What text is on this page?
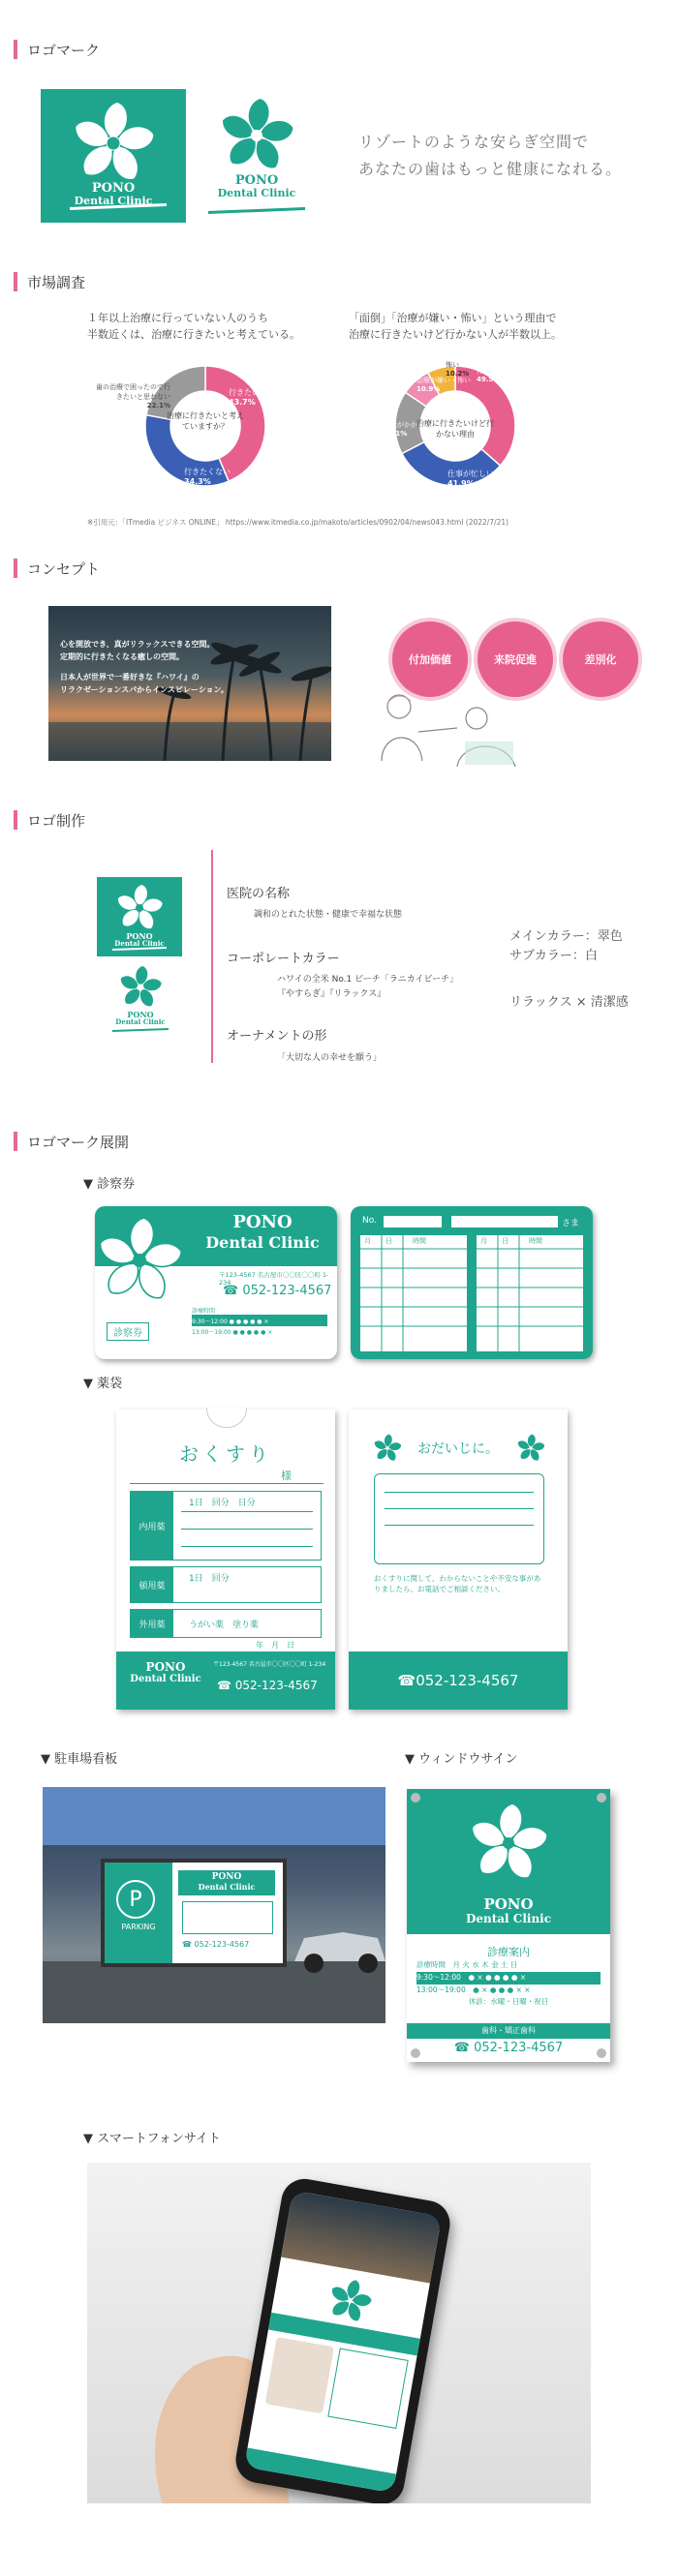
ロゴマーク
PONO
Dental Clinic
PONO
Dental Clinic
リゾートのような安らぎ空間で
あなたの歯はもっと健康になれる。
市場調査
１年以上治療に行っていない人のうち
半数近くは、治療に行きたいと考えている。
「面倒」「治療が嫌い・怖い」という理由で
治療に行きたいけど行かない人が半数以上。
治療に行きたいと考えていますか？
歯の治療で困ったので行きたいと思わない
22.1%
行きたい
43.7%
行きたくない
34.3%
治療に行きたいけど行かない理由
行くのが面倒
49.5%
仕事が忙しい
41.9%
お金がかかる
23.1%
治療が嫌い・怖い
10.9%
怖い
10.2%
※引用元：「ITmedia ビジネス ONLINE」 https://www.itmedia.co.jp/makoto/articles/0902/04/news043.html (2022/7/21)
コンセプト
心を開放でき、真がリラックスできる空間。
定期的に行きたくなる癒しの空間。
日本人が世界で一番好きな『ハワイ』の
リラクゼーションスパからインスピレーション。
付加価値	来院促進	差別化
ロゴ制作
PONO
Dental Clinic
PONO
Dental Clinic
医院の名称
調和のとれた状態・健康で幸福な状態
コーポレートカラー
ハワイの全米 No.1 ビーチ「ラニカイビーチ」
『やすらぎ』『リラックス』
オーナメントの形
「大切な人の幸せを願う」
メインカラー：翠色
サブカラー：白
リラックス × 清潔感
ロゴマーク展開
▼ 診察券
PONO
Dental Clinic
〒123-4567 名古屋市〇〇区〇〇町 1-234
☎ 052-123-4567
診察券
診療時間
9:30〜12:00 ● ● ● ● ● ×
13:00〜19:00 ● ● ● ● ● ×
No.	さま
月 日	時間	月 日	時間
▼ 薬袋
おくすり
様
内用薬
1日　 回分　 日分
頓用薬
1日　 回分
外用薬	うがい薬　塗り薬
年　月　日
PONO
Dental Clinic
〒123-4567 名古屋市〇〇区〇〇町 1-234
☎ 052-123-4567
おだいじに。
おくすりに関して、わからないことや不安な事がありましたら、お電話でご相談ください。
☎ 052-123-4567
▼ 駐車場看板	▼ ウィンドウサイン
P
PARKING
PONO
Dental Clinic
☎ 052-123-4567
PONO
Dental Clinic
診療案内
診療時間　 月 火 水 木 金 土 日
9:30〜12:00　● × ● ● ● ● ×
13:00〜19:00　● × ● ● ● × ×
休診：水曜・日曜・祝日
歯科・矯正歯科
☎ 052-123-4567
▼ スマートフォンサイト
